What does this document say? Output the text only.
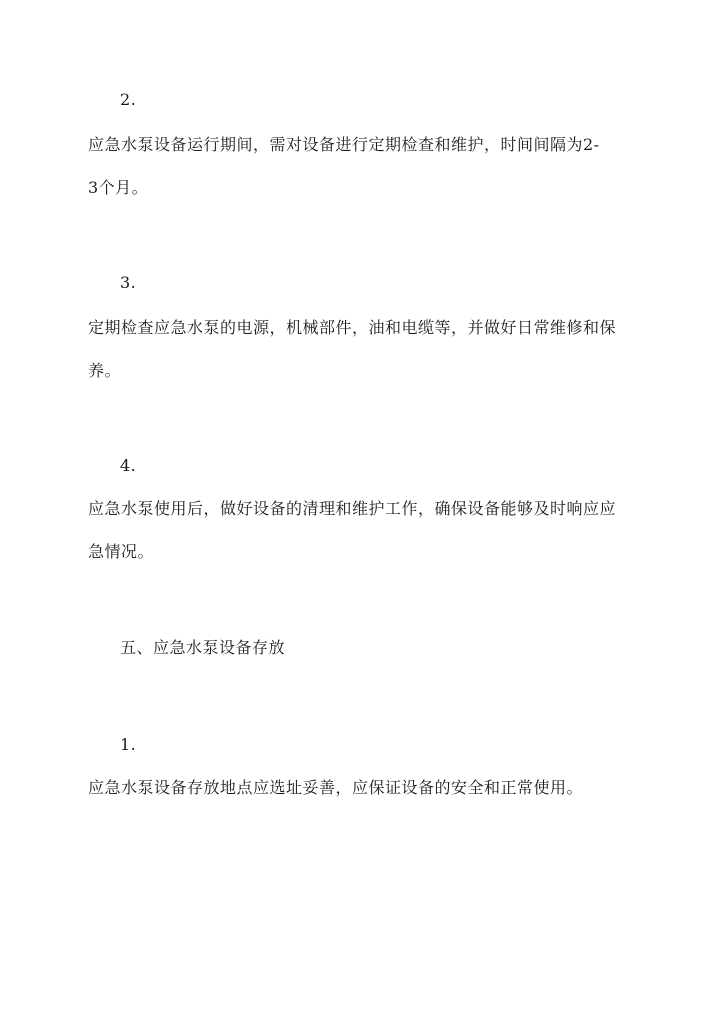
2.
应急水泵设备运行期间，需对设备进行定期检查和维护，时间间隔为2-
3个月。
3.
定期检查应急水泵的电源，机械部件，油和电缆等，并做好日常维修和保
养。
4.
应急水泵使用后，做好设备的清理和维护工作，确保设备能够及时响应应
急情况。
五、应急水泵设备存放
1.
应急水泵设备存放地点应选址妥善，应保证设备的安全和正常使用。
